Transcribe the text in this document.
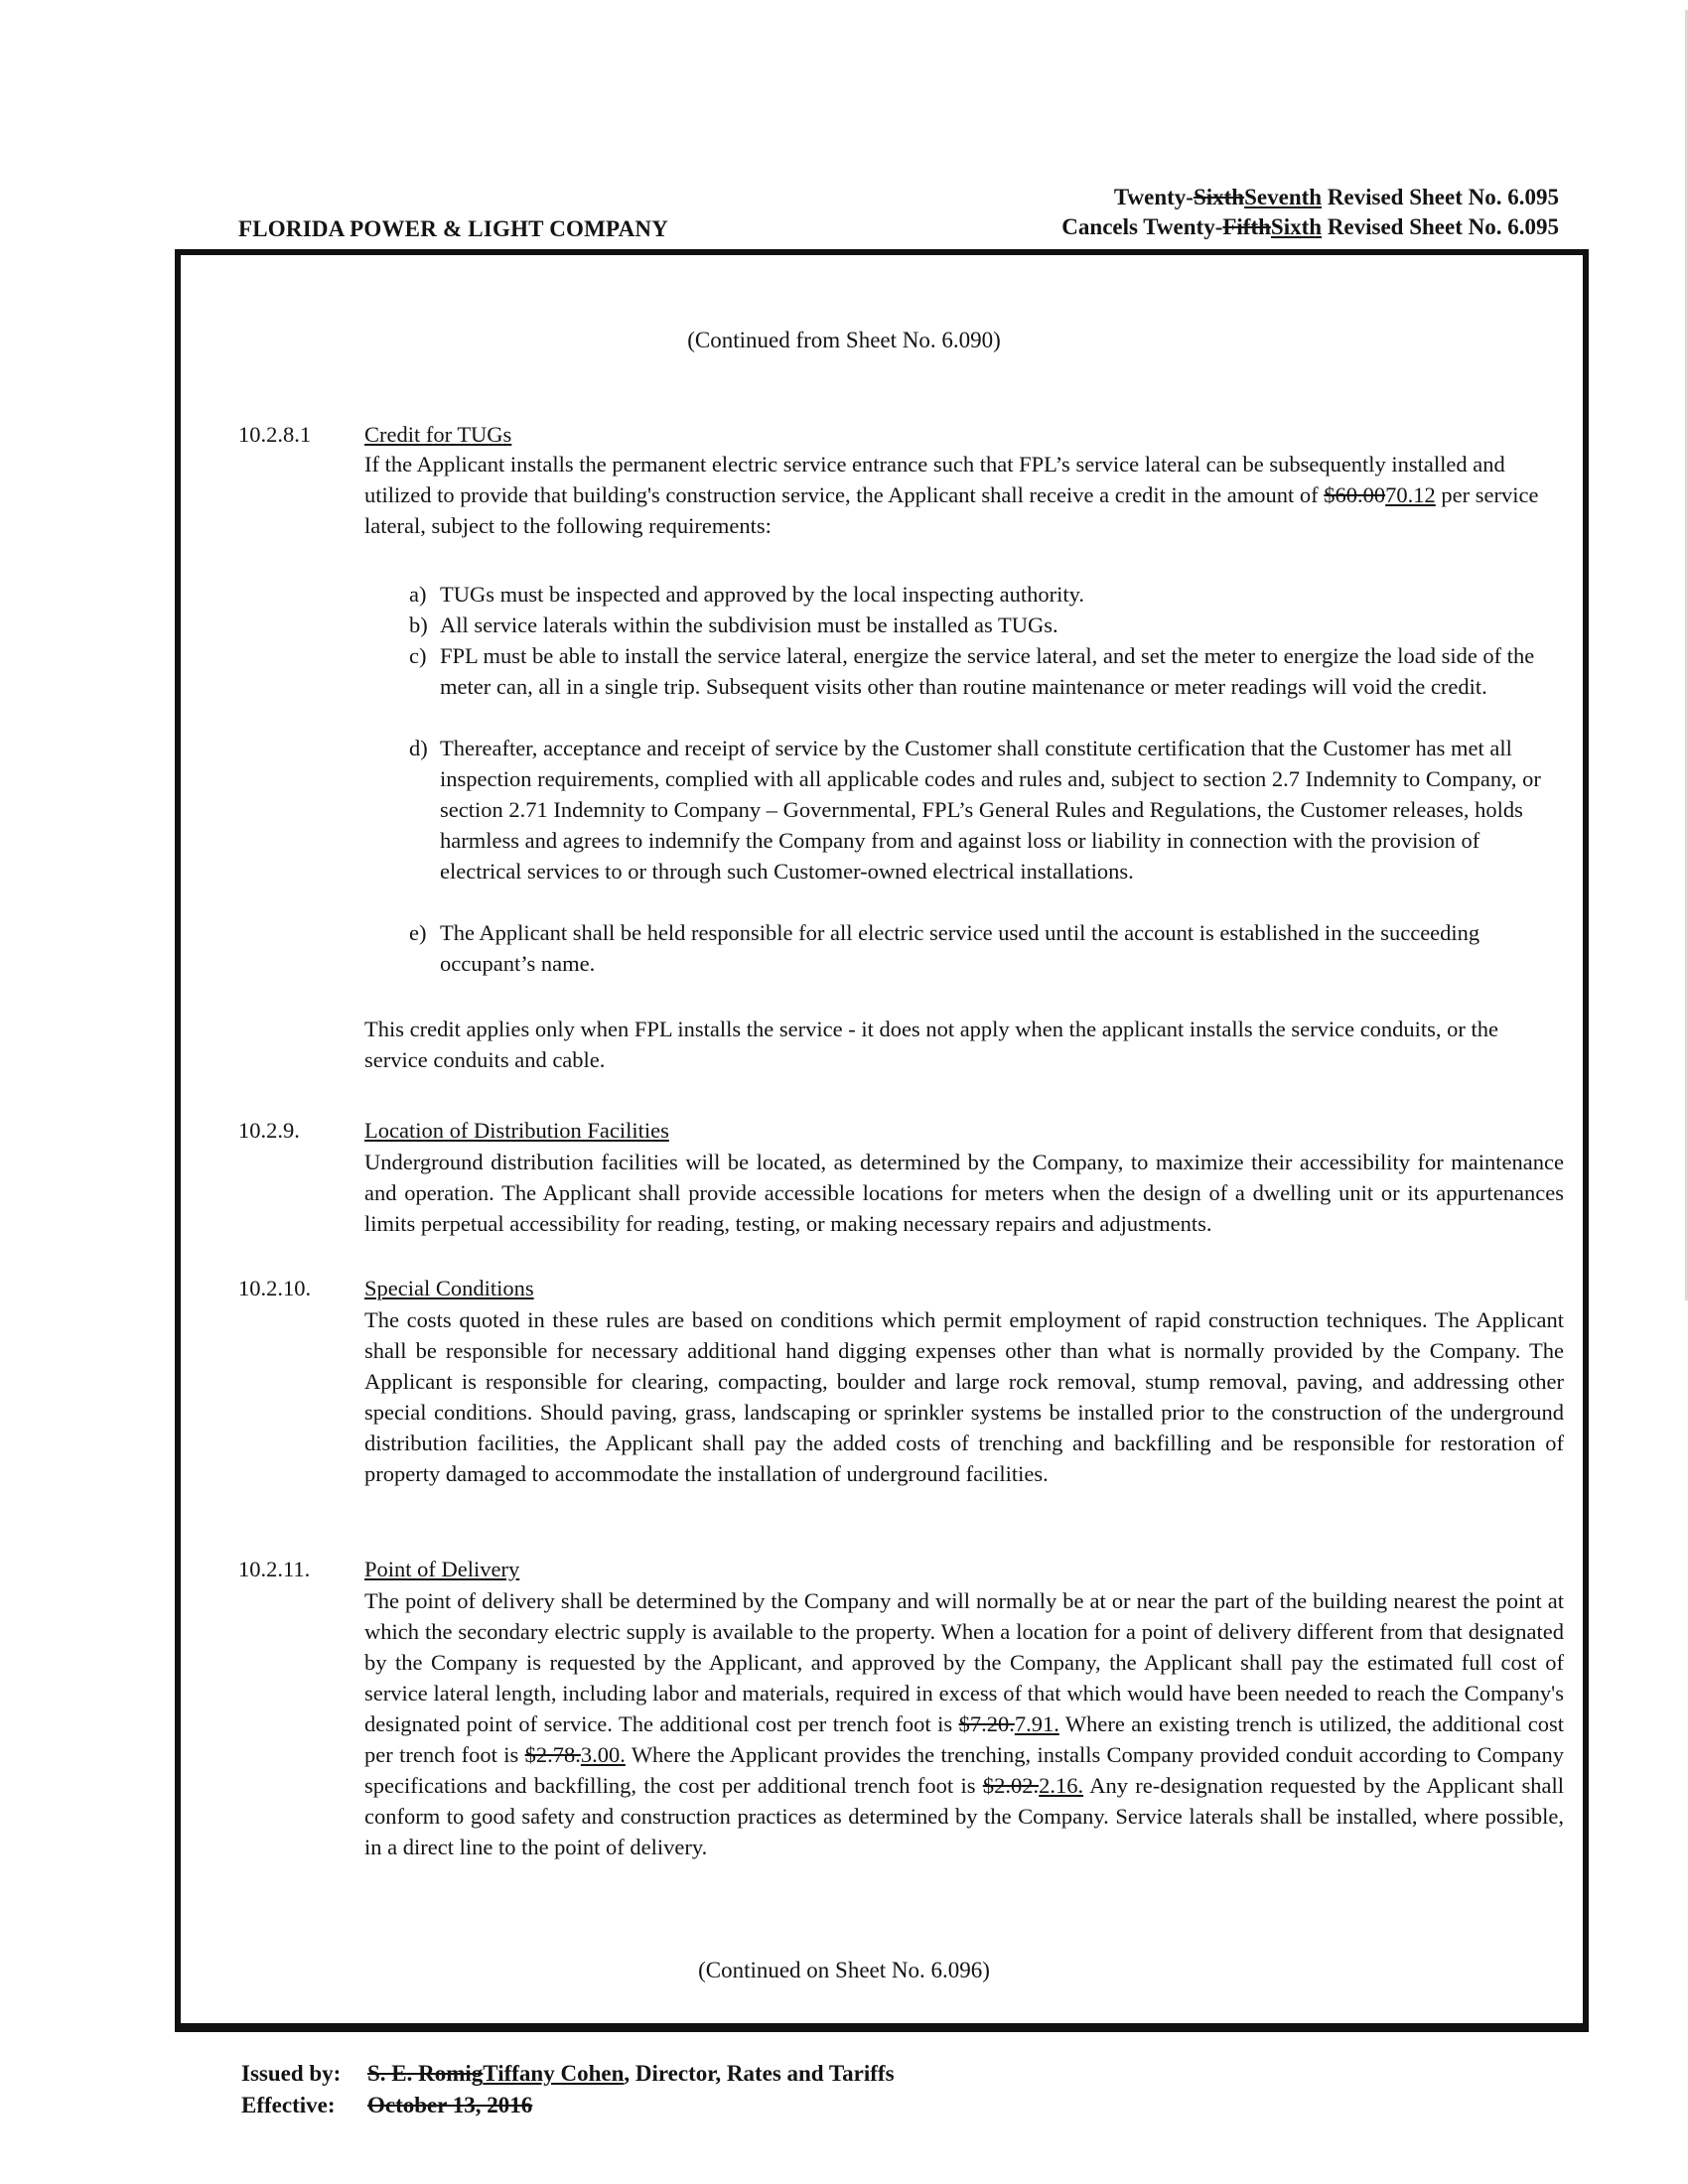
Twenty-SixthSeventh Revised Sheet No. 6.095
Cancels Twenty-FifthSixth Revised Sheet No. 6.095
FLORIDA POWER & LIGHT COMPANY
(Continued from Sheet No. 6.090)
10.2.8.1 Credit for TUGs
If the Applicant installs the permanent electric service entrance such that FPL’s service lateral can be subsequently installed and utilized to provide that building's construction service, the Applicant shall receive a credit in the amount of $60.0070.12 per service lateral, subject to the following requirements:
a) TUGs must be inspected and approved by the local inspecting authority.
b) All service laterals within the subdivision must be installed as TUGs.
c) FPL must be able to install the service lateral, energize the service lateral, and set the meter to energize the load side of the meter can, all in a single trip. Subsequent visits other than routine maintenance or meter readings will void the credit.
d) Thereafter, acceptance and receipt of service by the Customer shall constitute certification that the Customer has met all inspection requirements, complied with all applicable codes and rules and, subject to section 2.7 Indemnity to Company, or section 2.71 Indemnity to Company – Governmental, FPL’s General Rules and Regulations, the Customer releases, holds harmless and agrees to indemnify the Company from and against loss or liability in connection with the provision of electrical services to or through such Customer-owned electrical installations.
e) The Applicant shall be held responsible for all electric service used until the account is established in the succeeding occupant’s name.
This credit applies only when FPL installs the service - it does not apply when the applicant installs the service conduits, or the service conduits and cable.
10.2.9.	Location of Distribution Facilities
Underground distribution facilities will be located, as determined by the Company, to maximize their accessibility for maintenance and operation. The Applicant shall provide accessible locations for meters when the design of a dwelling unit or its appurtenances limits perpetual accessibility for reading, testing, or making necessary repairs and adjustments.
10.2.10. Special Conditions
The costs quoted in these rules are based on conditions which permit employment of rapid construction techniques. The Applicant shall be responsible for necessary additional hand digging expenses other than what is normally provided by the Company. The Applicant is responsible for clearing, compacting, boulder and large rock removal, stump removal, paving, and addressing other special conditions. Should paving, grass, landscaping or sprinkler systems be installed prior to the construction of the underground distribution facilities, the Applicant shall pay the added costs of trenching and backfilling and be responsible for restoration of property damaged to accommodate the installation of underground facilities.
10.2.11. Point of Delivery
The point of delivery shall be determined by the Company and will normally be at or near the part of the building nearest the point at which the secondary electric supply is available to the property. When a location for a point of delivery different from that designated by the Company is requested by the Applicant, and approved by the Company, the Applicant shall pay the estimated full cost of service lateral length, including labor and materials, required in excess of that which would have been needed to reach the Company's designated point of service. The additional cost per trench foot is $7.20.7.91. Where an existing trench is utilized, the additional cost per trench foot is $2.78.3.00. Where the Applicant provides the trenching, installs Company provided conduit according to Company specifications and backfilling, the cost per additional trench foot is $2.02.2.16. Any re-designation requested by the Applicant shall conform to good safety and construction practices as determined by the Company. Service laterals shall be installed, where possible, in a direct line to the point of delivery.
(Continued on Sheet No. 6.096)
Issued by: S. E. RomigTiffany Cohen, Director, Rates and Tariffs
Effective: October 13, 2016
